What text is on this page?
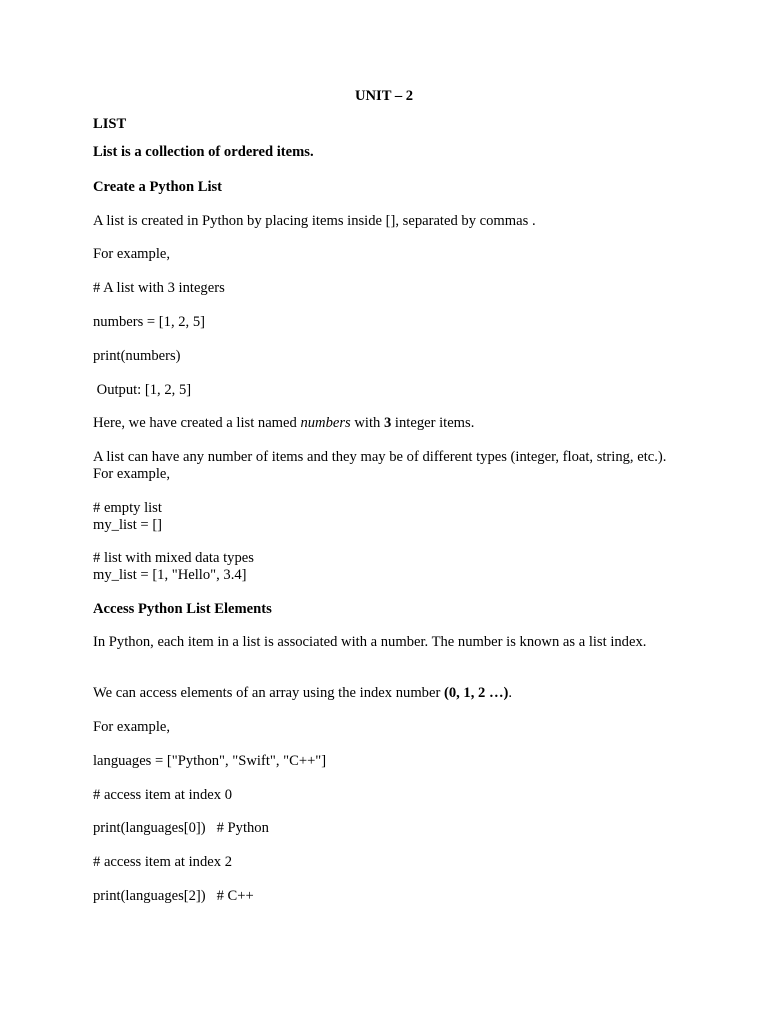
UNIT – 2

LIST

List is a collection of ordered items.

Create a Python List

A list is created in Python by placing items inside [], separated by commas .

For example,

# A list with 3 integers

numbers = [1, 2, 5]

print(numbers)

Output: [1, 2, 5]

Here, we have created a list named numbers with 3 integer items.

A list can have any number of items and they may be of different types (integer, float, string, etc.). For example,

# empty list

my_list = []

# list with mixed data types

my_list = [1, "Hello", 3.4]

Access Python List Elements

In Python, each item in a list is associated with a number. The number is known as a list index.

We can access elements of an array using the index number (0, 1, 2 …).

For example,

languages = ["Python", "Swift", "C++"]

# access item at index 0

print(languages[0])   # Python

# access item at index 2

print(languages[2])   # C++
